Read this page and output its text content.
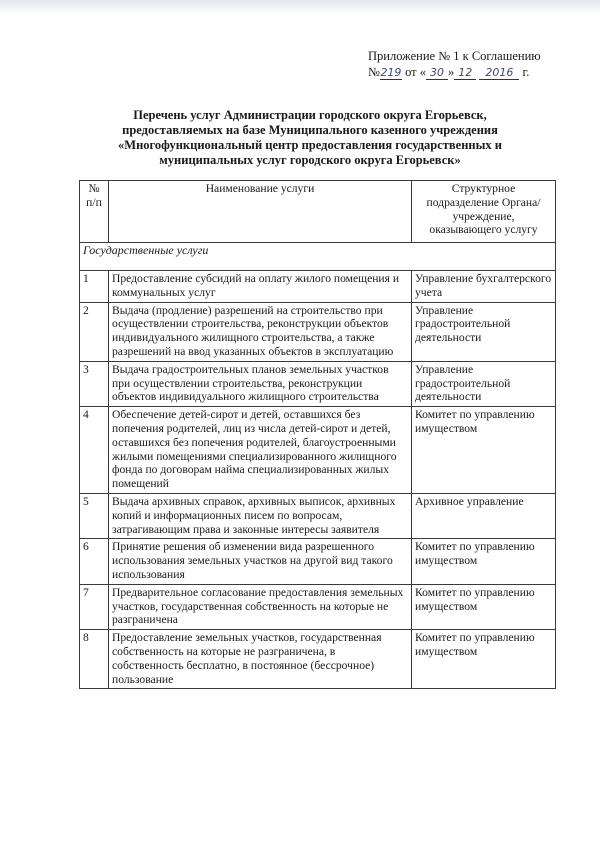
Приложение № 1 к Соглашению
№219 от « 30 » 12 2016 г.
Перечень услуг Администрации городского округа Егорьевск,
предоставляемых на базе Муниципального казенного учреждения
«Многофункциональный центр предоставления государственных и
муниципальных услуг городского округа Егорьевск»
№ п/п	Наименование услуги	Структурное подразделение Органа/учреждение, оказывающего услугу
Государственные услуги		
1	Предоставление субсидий на оплату жилого помещения и коммунальных услуг	Управление бухгалтерского учета
2	Выдача (продление) разрешений на строительство при осуществлении строительства, реконструкции объектов индивидуального жилищного строительства, а также разрешений на ввод указанных объектов в эксплуатацию	Управление градостроительной деятельности
3	Выдача градостроительных планов земельных участков при осуществлении строительства, реконструкции объектов индивидуального жилищного строительства	Управление градостроительной деятельности
4	Обеспечение детей-сирот и детей, оставшихся без попечения родителей, лиц из числа детей-сирот и детей, оставшихся без попечения родителей, благоустроенными жилыми помещениями специализированного жилищного фонда по договорам найма специализированных жилых помещений	Комитет по управлению имуществом
5	Выдача архивных справок, архивных выписок, архивных копий и информационных писем по вопросам, затрагивающим права и законные интересы заявителя	Архивное управление
6	Принятие решения об изменении вида разрешенного использования земельных участков на другой вид такого использования	Комитет по управлению имуществом
7	Предварительное согласование предоставления земельных участков, государственная собственность на которые не разграничена	Комитет по управлению имуществом
8	Предоставление земельных участков, государственная собственность на которые не разграничена, в собственность бесплатно, в постоянное (бессрочное) пользование	Комитет по управлению имуществом
